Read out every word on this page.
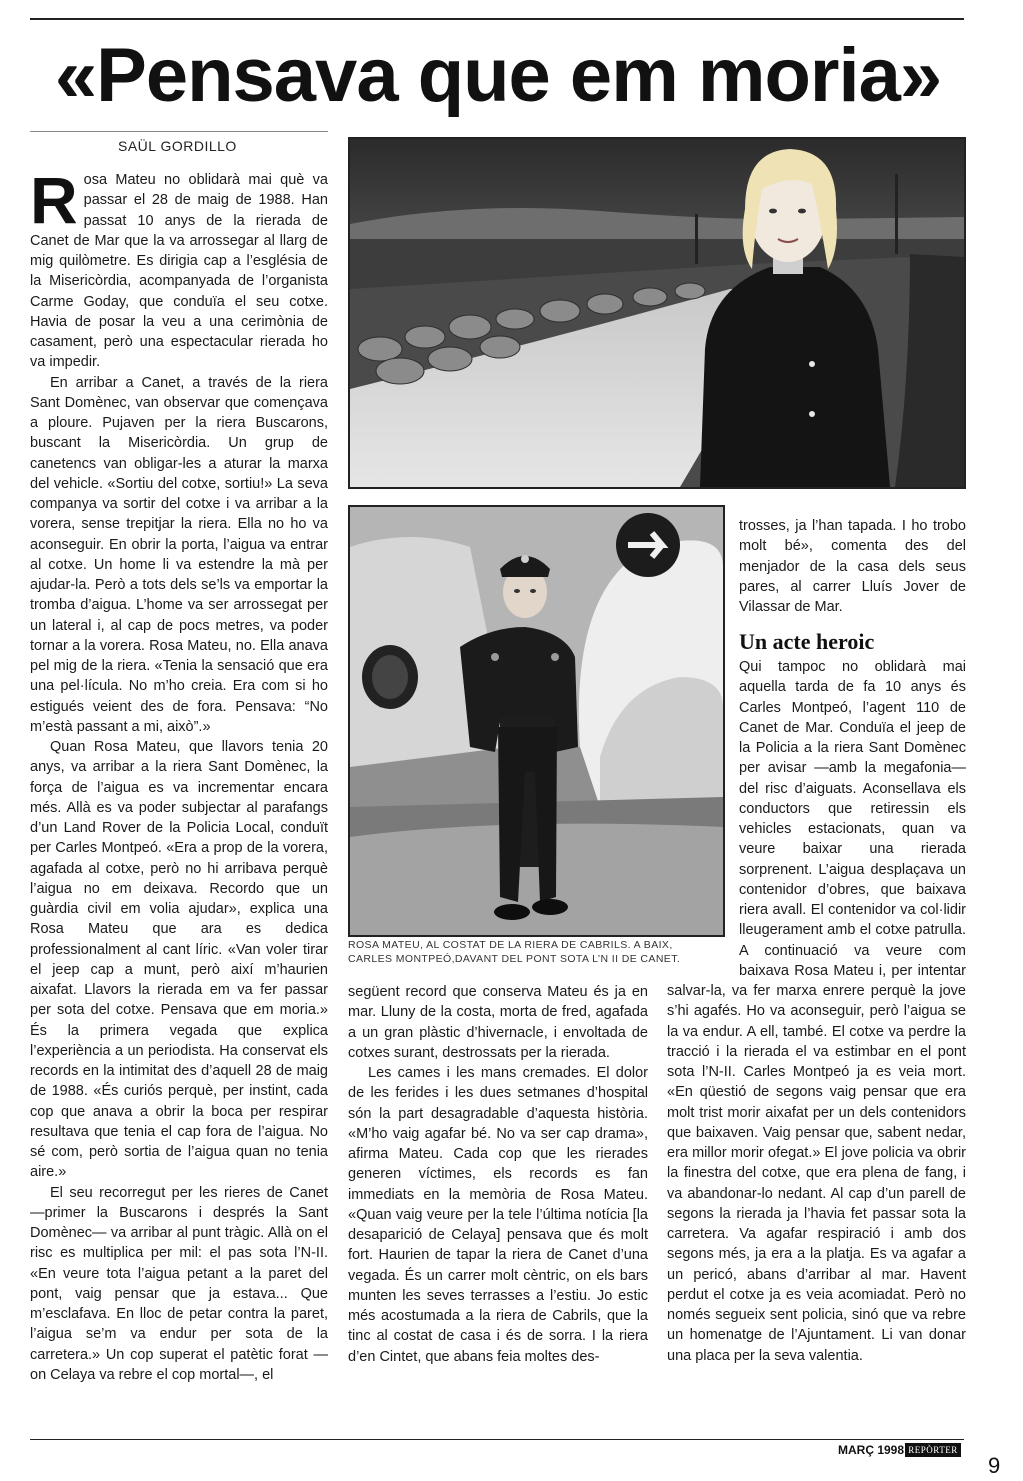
«Pensava que em moria»
SAÜL GORDILLO

Rosa Mateu no oblidarà mai què va passar el 28 de maig de 1988. Han passat 10 anys de la rierada de Canet de Mar que la va arrossegar al llarg de mig quilòmetre. Es dirigia cap a l’església de la Misericòrdia, acompanyada de l’organista Carme Goday, que conduïa el seu cotxe. Havia de posar la veu a una cerimònia de casament, però una espectacular rierada ho va impedir.

En arribar a Canet, a través de la riera Sant Domènec, van observar que començava a ploure. Pujaven per la riera Buscarons, buscant la Misericòrdia. Un grup de canetencs van obligar-les a aturar la marxa del vehicle. «Sortiu del cotxe, sortiu!» La seva companya va sortir del cotxe i va arribar a la vorera, sense trepitjar la riera. Ella no ho va aconseguir. En obrir la porta, l’aigua va entrar al cotxe. Un home li va estendre la mà per ajudar-la. Però a tots dels se’ls va emportar la tromba d’aigua. L’home va ser arrossegat per un lateral i, al cap de pocs metres, va poder tornar a la vorera. Rosa Mateu, no. Ella anava pel mig de la riera. «Tenia la sensació que era una pel·lícula. No m’ho creia. Era com si ho estigués veient des de fora. Pensava: “No m’està passant a mi, això”.»

Quan Rosa Mateu, que llavors tenia 20 anys, va arribar a la riera Sant Domènec, la força de l’aigua es va incrementar encara més. Allà es va poder subjectar al parafangs d’un Land Rover de la Policia Local, conduït per Carles Montpeó. «Era a prop de la vorera, agafada al cotxe, però no hi arribava perquè l’aigua no em deixava. Recordo que un guàrdia civil em volia ajudar», explica una Rosa Mateu que ara es dedica professionalment al cant líric. «Van voler tirar el jeep cap a munt, però així m’haurien aixafat. Llavors la rierada em va fer passar per sota del cotxe. Pensava que em moria.» És la primera vegada que explica l’experiència a un periodista. Ha conservat els records en la intimitat des d’aquell 28 de maig de 1988. «És curiós perquè, per instint, cada cop que anava a obrir la boca per respirar resultava que tenia el cap fora de l’aigua. No sé com, però sortia de l’aigua quan no tenia aire.»

El seu recorregut per les rieres de Canet —primer la Buscarons i després la Sant Domènec— va arribar al punt tràgic. Allà on el risc es multiplica per mil: el pas sota l’N-II. «En veure tota l’aigua petant a la paret del pont, vaig pensar que ja estava... Que m’esclafava. En lloc de petar contra la paret, l’aigua se’m va endur per sota de la carretera.» Un cop superat el patètic forat —on Celaya va rebre el cop mortal—, el

ROSA MATEU, AL COSTAT DE LA RIERA DE CABRILS. A BAIX,
CARLES MONTPEÓ,DAVANT DEL PONT SOTA L’N II DE CANET.

següent record que conserva Mateu és ja en mar. Lluny de la costa, morta de fred, agafada a un gran plàstic d’hivernacle, i envoltada de cotxes surant, destrossats per la rierada.

Les cames i les mans cremades. El dolor de les ferides i les dues setmanes d’hospital són la part desagradable d’aquesta història. «M’ho vaig agafar bé. No va ser cap drama», afirma Mateu. Cada cop que les rierades generen víctimes, els records es fan immediats en la memòria de Rosa Mateu. «Quan vaig veure per la tele l’última notícia [la desaparició de Celaya] pensava que és molt fort. Haurien de tapar la riera de Canet d’una vegada. És un carrer molt cèntric, on els bars munten les seves terrasses a l’estiu. Jo estic més acostumada a la riera de Cabrils, que la tinc al costat de casa i és de sorra. I la riera d’en Cintet, que abans feia moltes des-

trosses, ja l’han tapada. I ho trobo molt bé», comenta des del menjador de la casa dels seus pares, al carrer Lluís Jover de Vilassar de Mar.

Un acte heroic

Qui tampoc no oblidarà mai aquella tarda de fa 10 anys és Carles Montpeó, l’agent 110 de Canet de Mar. Conduïa el jeep de la Policia a la riera Sant Domènec per avisar —amb la megafonia— del risc d’aiguats. Aconsellava els conductors que retiressin els vehicles estacionats, quan va veure baixar una rierada sorprenent. L’aigua desplaçava un contenidor d’obres, que baixava riera avall. El contenidor va col·lidir lleugerament amb el cotxe patrulla. A continuació va veure com baixava Rosa Mateu i, per intentar salvar-la, va fer marxa enrere perquè la jove s’hi agafés. Ho va aconseguir, però l’aigua se la va endur. A ell, també. El cotxe va perdre la tracció i la rierada el va estimbar en el pont sota l’N-II. Carles Montpeó ja es veia mort. «En qüestió de segons vaig pensar que era molt trist morir aixafat per un dels contenidors que baixaven. Vaig pensar que, sabent nedar, era millor morir ofegat.» El jove policia va obrir la finestra del cotxe, que era plena de fang, i va abandonar-lo nedant. Al cap d’un parell de segons la rierada ja l’havia fet passar sota la carretera. Va agafar respiració i amb dos segons més, ja era a la platja. Es va agafar a un pericó, abans d’arribar al mar. Havent perdut el cotxe ja es veia acomiadat. Però no només segueix sent policia, sinó que va rebre un homenatge de l’Ajuntament. Li van donar una placa per la seva valentia.

MARÇ 1998 REPÒRTER
9
